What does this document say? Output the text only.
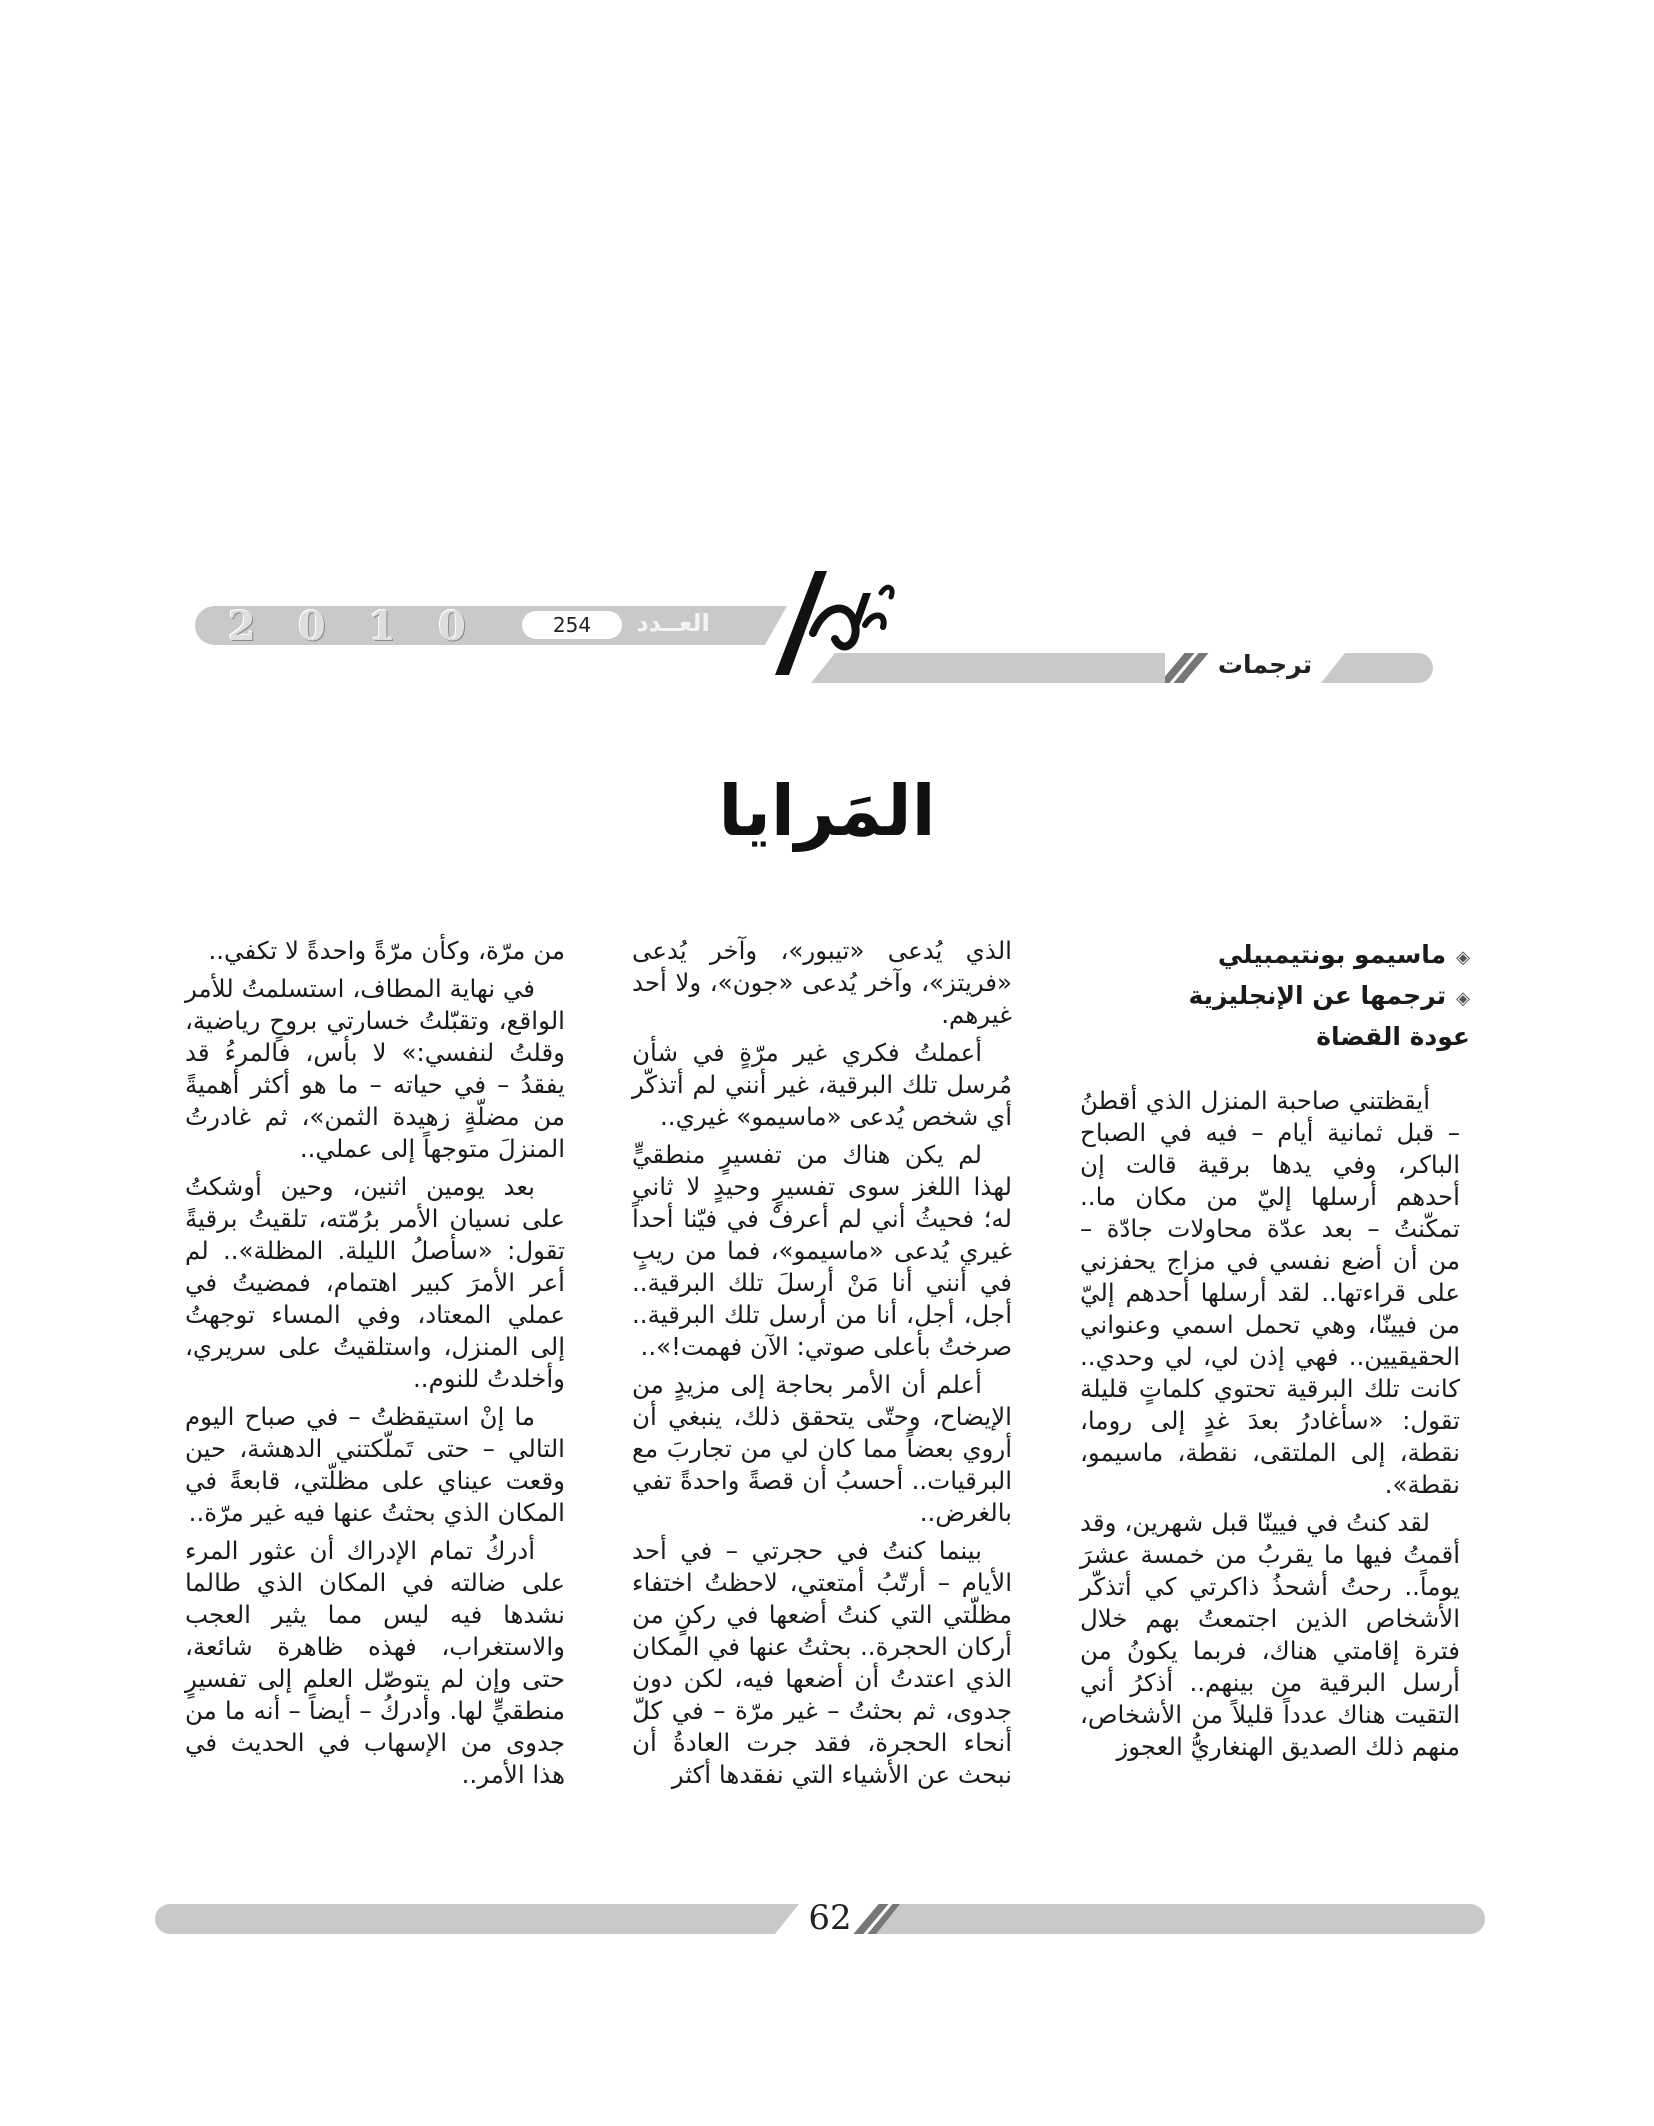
2 0 1 0	254	العــدد
ترجمات
المَرايا
◈ماسيمو بونتيمبيلي
◈ترجمها عن الإنجليزية
عودة القضاة

أيقظتني صاحبة المنزل الذي أقطنُ – قبل ثمانية أيام – فيه في الصباح الباكر، وفي يدها برقية قالت إن أحدهم أرسلها إليّ من مكان ما.. تمكّنتُ – بعد عدّة محاولات جادّة – من أن أضع نفسي في مزاج يحفزني على قراءتها.. لقد أرسلها أحدهم إليّ من فيينّا، وهي تحمل اسمي وعنواني الحقيقيين.. فهي إذن لي، لي وحدي.. كانت تلك البرقية تحتوي كلماتٍ قليلة تقول: «سأغادرُ بعدَ غدٍ إلى روما، نقطة، إلى الملتقى، نقطة، ماسيمو، نقطة».

لقد كنتُ في فيينّا قبل شهرين، وقد أقمتُ فيها ما يقربُ من خمسة عشرَ يوماً.. رحتُ أشحذُ ذاكرتي كي أتذكّر الأشخاص الذين اجتمعتُ بهم خلال فترة إقامتي هناك، فربما يكونُ من أرسل البرقية من بينهم.. أذكرُ أني التقيت هناك عدداً قليلاً من الأشخاص، منهم ذلك الصديق الهنغاريُّ العجوز

الذي يُدعى «تيبور»، وآخر يُدعى «فريتز»، وآخر يُدعى «جون»، ولا أحد غيرهم.

أعملتُ فكري غير مرّةٍ في شأن مُرسل تلك البرقية، غير أنني لم أتذكّر أي شخص يُدعى «ماسيمو» غيري..

لم يكن هناك من تفسيرٍ منطقيٍّ لهذا اللغز سوى تفسيرٍ وحيدٍ لا ثاني له؛ فحيثُ أني لم أعرفْ في فيّنا أحداً غيري يُدعى «ماسيمو»، فما من ريبٍ في أنني أنا مَنْ أرسلَ تلك البرقية.. أجل، أجل، أنا من أرسل تلك البرقية.. صرختُ بأعلى صوتي: الآن فهمت!»..

أعلم أن الأمر بحاجة إلى مزيدٍ من الإيضاح، وحتّى يتحقق ذلك، ينبغي أن أروي بعضاً مما كان لي من تجاربَ مع البرقيات.. أحسبُ أن قصةً واحدةً تفي بالغرض..

بينما كنتُ في حجرتي – في أحد الأيام – أرتّبُ أمتعتي، لاحظتُ اختفاء مظلّتي التي كنتُ أضعها في ركنٍ من أركان الحجرة.. بحثتُ عنها في المكان الذي اعتدتُ أن أضعها فيه، لكن دون جدوى، ثم بحثتُ – غير مرّة – في كلّ أنحاء الحجرة، فقد جرت العادةُ أن نبحث عن الأشياء التي نفقدها أكثر

من مرّة، وكأن مرّةً واحدةً لا تكفي..

في نهاية المطاف، استسلمتُ للأمر الواقع، وتقبّلتُ خسارتي بروحٍ رياضية، وقلتُ لنفسي:» لا بأس، فالمرءُ قد يفقدُ – في حياته – ما هو أكثر أهميةً من مضلّةٍ زهيدة الثمن»، ثم غادرتُ المنزلَ متوجهاً إلى عملي..

بعد يومين اثنين، وحين أوشكتُ على نسيان الأمر برُمّته، تلقيتُ برقيةً تقول: «سأصلُ الليلة. المظلة».. لم أعر الأمرَ كبير اهتمام، فمضيتُ في عملي المعتاد، وفي المساء توجهتُ إلى المنزل، واستلقيتُ على سريري، وأخلدتُ للنوم..

ما إنْ استيقظتُ – في صباح اليوم التالي – حتى تَملّكتني الدهشة، حين وقعت عيناي على مظلّتي، قابعةً في المكان الذي بحثتُ عنها فيه غير مرّة..

أدركُ تمام الإدراك أن عثور المرء على ضالته في المكان الذي طالما نشدها فيه ليس مما يثير العجب والاستغراب، فهذه ظاهرة شائعة، حتى وإن لم يتوصّل العلم إلى تفسيرٍ منطقيٍّ لها. وأدركُ – أيضاً – أنه ما من جدوى من الإسهاب في الحديث في هذا الأمر..

62
